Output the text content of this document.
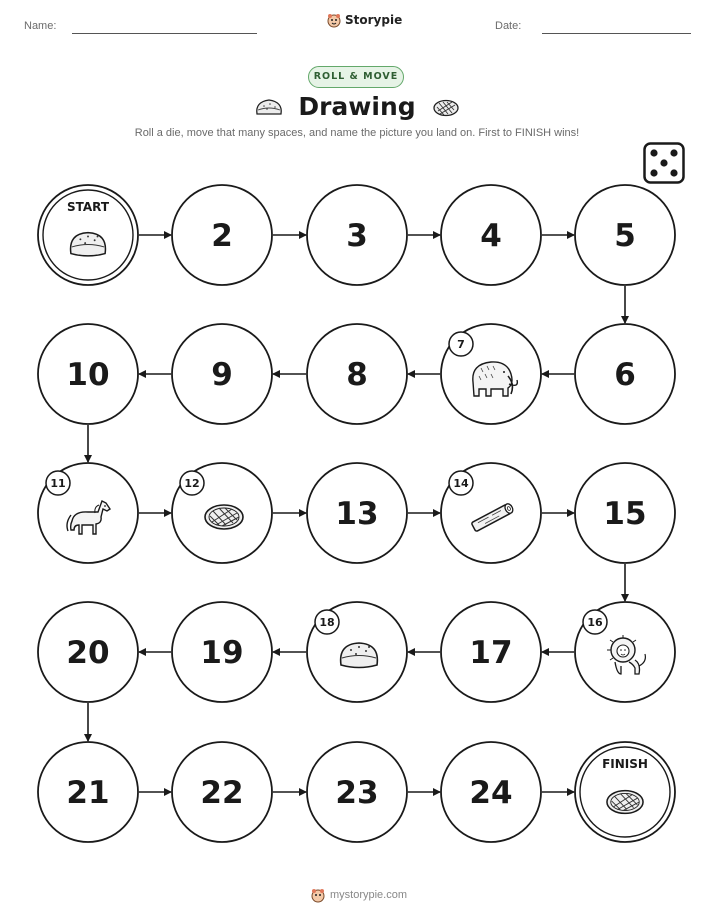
Name:	Storypie	Date:
ROLL & MOVE
Drawing
Roll a die, move that many spaces, and name the picture you land on. First to FINISH wins!
START
2	3	4	5
6
7
8
9
10
11	12
13
14
15
16
17
18
19
20
21	22	23	24
FINISH
mystorypie.com
